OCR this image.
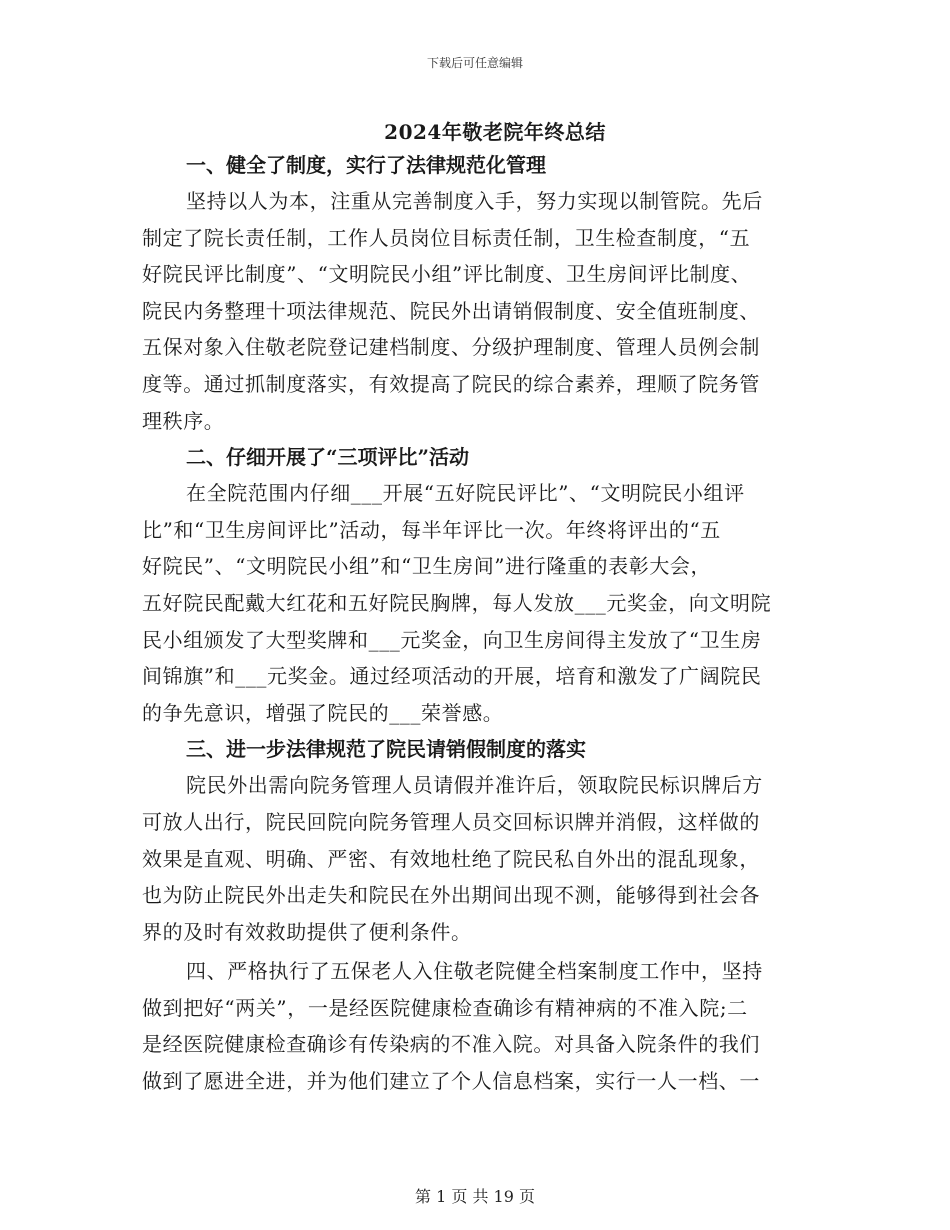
下载后可任意编辑
2024年敬老院年终总结
一、健全了制度，实行了法律规范化管理

坚持以人为本，注重从完善制度入手，努力实现以制管院。先后
制定了院长责任制，工作人员岗位目标责任制，卫生检查制度，“五
好院民评比制度”、“文明院民小组”评比制度、卫生房间评比制度、
院民内务整理十项法律规范、院民外出请销假制度、安全值班制度、
五保对象入住敬老院登记建档制度、分级护理制度、管理人员例会制
度等。通过抓制度落实，有效提高了院民的综合素养，理顺了院务管
理秩序。

二、仔细开展了“三项评比”活动

在全院范围内仔细___开展“五好院民评比”、“文明院民小组评
比”和“卫生房间评比”活动，每半年评比一次。年终将评出的“五
好院民”、“文明院民小组”和“卫生房间”进行隆重的表彰大会，
五好院民配戴大红花和五好院民胸牌，每人发放___元奖金，向文明院
民小组颁发了大型奖牌和___元奖金，向卫生房间得主发放了“卫生房
间锦旗”和___元奖金。通过经项活动的开展，培育和激发了广阔院民
的争先意识，增强了院民的___荣誉感。

三、进一步法律规范了院民请销假制度的落实

院民外出需向院务管理人员请假并准许后，领取院民标识牌后方
可放人出行，院民回院向院务管理人员交回标识牌并消假，这样做的
效果是直观、明确、严密、有效地杜绝了院民私自外出的混乱现象，
也为防止院民外出走失和院民在外出期间出现不测，能够得到社会各
界的及时有效救助提供了便利条件。

四、严格执行了五保老人入住敬老院健全档案制度工作中，坚持
做到把好“两关”，一是经医院健康检查确诊有精神病的不准入院;二
是经医院健康检查确诊有传染病的不准入院。对具备入院条件的我们
做到了愿进全进，并为他们建立了个人信息档案，实行一人一档、一

第 1 页 共 19 页
